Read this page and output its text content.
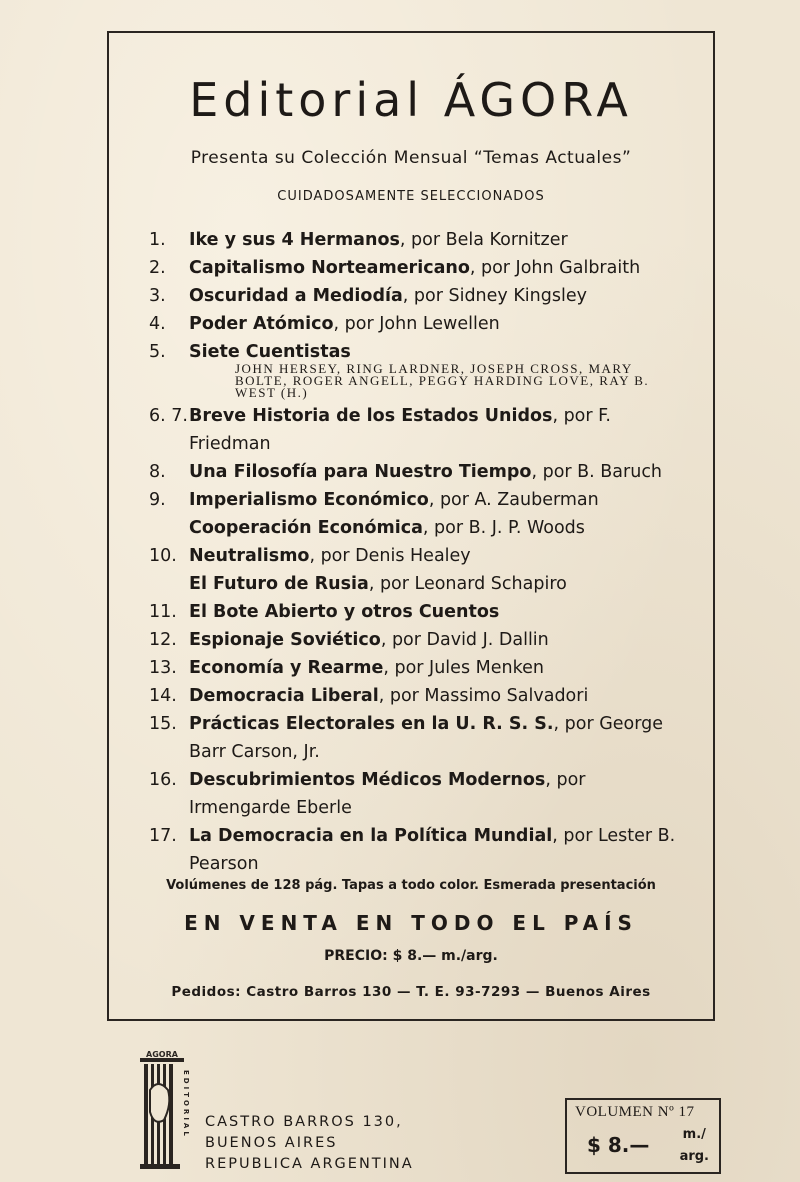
Editorial ÁGORA
Presenta su Colección Mensual “Temas Actuales”
CUIDADOSAMENTE SELECCIONADOS
1. Ike y sus 4 Hermanos, por Bela Kornitzer
2. Capitalismo Norteamericano, por John Galbraith
3. Oscuridad a Mediodía, por Sidney Kingsley
4. Poder Atómico, por John Lewellen
5. Siete Cuentistas
JOHN HERSEY, RING LARDNER, JOSEPH CROSS, MARY BOLTE, ROGER ANGELL, PEGGY HARDING LOVE, RAY B. WEST (H.)
6. 7. Breve Historia de los Estados Unidos, por F. Friedman
8. Una Filosofía para Nuestro Tiempo, por B. Baruch
9. Imperialismo Económico, por A. Zauberman
Cooperación Económica, por B. J. P. Woods
10. Neutralismo, por Denis Healey
El Futuro de Rusia, por Leonard Schapiro
11. El Bote Abierto y otros Cuentos
12. Espionaje Soviético, por David J. Dallin
13. Economía y Rearme, por Jules Menken
14. Democracia Liberal, por Massimo Salvadori
15. Prácticas Electorales en la U. R. S. S., por George Barr Carson, Jr.
16. Descubrimientos Médicos Modernos, por Irmengarde Eberle
17. La Democracia en la Política Mundial, por Lester B. Pearson
Volúmenes de 128 pág. Tapas a todo color. Esmerada presentación
EN VENTA EN TODO EL PAÍS
PRECIO: $ 8.— m./arg.
Pedidos: Castro Barros 130 — T. E. 93-7293 — Buenos Aires
AGORA
EDITORIAL CASTRO BARROS 130,
BUENOS AIRES
REPUBLICA ARGENTINA
VOLUMEN Nº 17
$ 8.—	m./
arg.
